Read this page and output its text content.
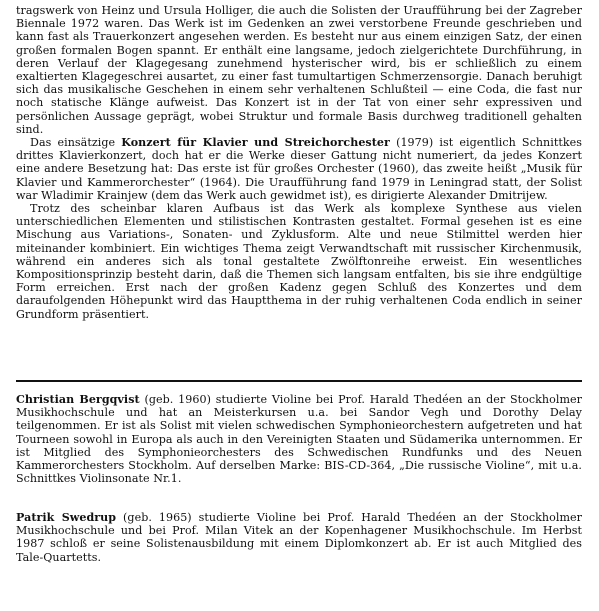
tragswerk von Heinz und Ursula Holliger, die auch die Solisten der Uraufführung bei der Zagreber Biennale 1972 waren. Das Werk ist im Gedenken an zwei verstorbene Freunde geschrieben und kann fast als Trauerkonzert angesehen werden. Es besteht nur aus einem einzigen Satz, der einen großen formalen Bogen spannt. Er enthält eine langsame, jedoch zielgerichtete Durchführung, in deren Verlauf der Klagegesang zunehmend hysterischer wird, bis er schließlich zu einem exaltierten Klagegeschrei ausartet, zu einer fast tumultartigen Schmerzensorgie. Danach beruhigt sich das musikalische Geschehen in einem sehr verhaltenen Schlußteil — eine Coda, die fast nur noch statische Klänge aufweist. Das Konzert ist in der Tat von einer sehr expressiven und persönlichen Aussage geprägt, wobei Struktur und formale Basis durchweg traditionell gehalten sind.

Das einsätzige Konzert für Klavier und Streichorchester (1979) ist eigentlich Schnittkes drittes Klavierkonzert, doch hat er die Werke dieser Gattung nicht numeriert, da jedes Konzert eine andere Besetzung hat: Das erste ist für großes Orchester (1960), das zweite heißt „Musik für Klavier und Kammerorchester“ (1964). Die Uraufführung fand 1979 in Leningrad statt, der Solist war Wladimir Krainjew (dem das Werk auch gewidmet ist), es dirigierte Alexander Dmitrijew.

Trotz des scheinbar klaren Aufbaus ist das Werk als komplexe Synthese aus vielen unterschiedlichen Elementen und stilistischen Kontrasten gestaltet. Formal gesehen ist es eine Mischung aus Variations-, Sonaten- und Zyklusform. Alte und neue Stilmittel werden hier miteinander kombiniert. Ein wichtiges Thema zeigt Verwandtschaft mit russischer Kirchenmusik, während ein anderes sich als tonal gestaltete Zwölftonreihe erweist. Ein wesentliches Kompositionsprinzip besteht darin, daß die Themen sich langsam entfalten, bis sie ihre endgültige Form erreichen. Erst nach der großen Kadenz gegen Schluß des Konzertes und dem daraufolgenden Höhepunkt wird das Hauptthema in der ruhig verhaltenen Coda endlich in seiner Grundform präsentiert.

Christian Bergqvist (geb. 1960) studierte Violine bei Prof. Harald Thedéen an der Stockholmer Musikhochschule und hat an Meisterkursen u.a. bei Sandor Vegh und Dorothy Delay teilgenommen. Er ist als Solist mit vielen schwedischen Symphonieorchestern aufgetreten und hat Tourneen sowohl in Europa als auch in den Vereinigten Staaten und Südamerika unternommen. Er ist Mitglied des Symphonieorchesters des Schwedischen Rundfunks und des Neuen Kammerorchesters Stockholm. Auf derselben Marke: BIS-CD-364, „Die russische Violine“, mit u.a. Schnittkes Violinsonate Nr.1.

Patrik Swedrup (geb. 1965) studierte Violine bei Prof. Harald Thedéen an der Stockholmer Musikhochschule und bei Prof. Milan Vitek an der Kopenhagener Musikhochschule. Im Herbst 1987 schloß er seine Solistenausbildung mit einem Diplomkonzert ab. Er ist auch Mitglied des Tale-Quartetts.
